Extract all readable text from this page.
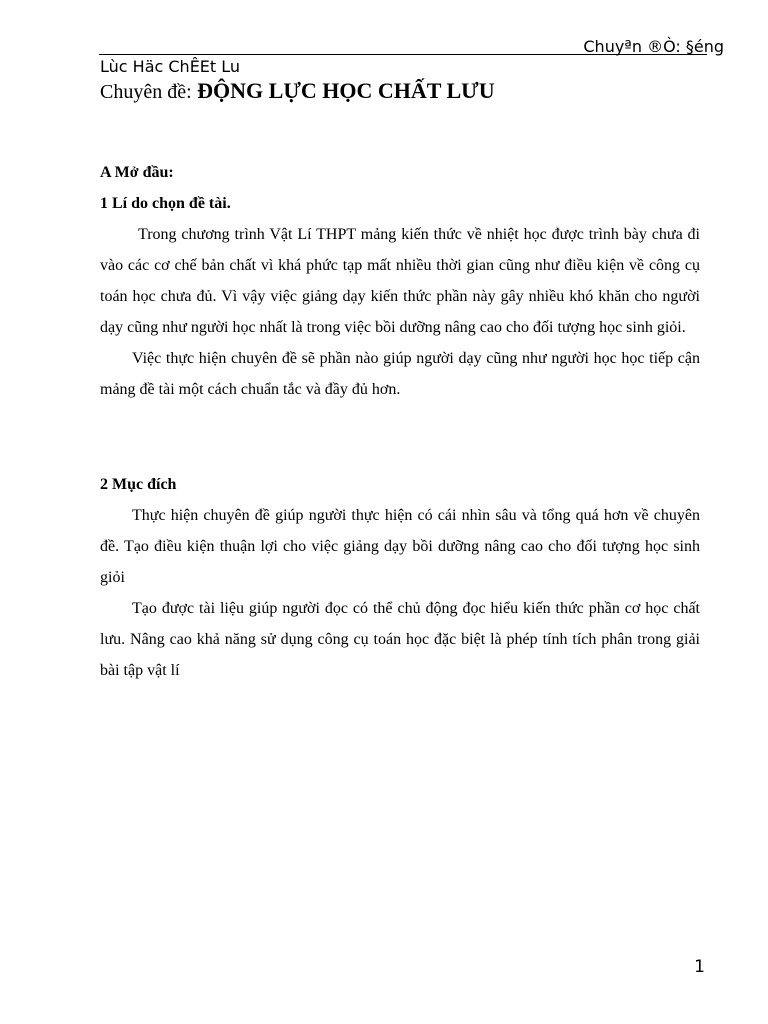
Chuyªn ®Ò: §éng
Lùc Häc ChÊEt Lu
Chuyên đề: ĐỘNG LỰC HỌC CHẤT LƯU

A Mở đầu:

1 Lí do chọn đề tài.

Trong chương trình Vật Lí THPT mảng kiến thức về nhiệt học được trình bày chưa đi vào các cơ chế bản chất vì khá phức tạp mất nhiều thời gian cũng như điều kiện về công cụ toán học chưa đủ. Vì vậy việc giảng dạy kiến thức phần này gây nhiều khó khăn cho người dạy cũng như người học nhất là trong việc bồi dưỡng nâng cao cho đối tượng học sinh giỏi.

Việc thực hiện chuyên đề sẽ phần nào giúp người dạy cũng như người học học tiếp cận mảng đề tài một cách chuẩn tắc và đầy đủ hơn.

2 Mục đích

Thực hiện chuyên đề giúp người thực hiện có cái nhìn sâu và tổng quá hơn về chuyên đề. Tạo điều kiện thuận lợi cho việc giảng dạy bồi dưỡng nâng cao cho đối tượng học sinh giỏi

Tạo được tài liệu giúp người đọc có thể chủ động đọc hiểu kiến thức phần cơ học chất lưu. Nâng cao khả năng sử dụng công cụ toán học đặc biệt là phép tính tích phân trong giải bài tập vật lí

1
